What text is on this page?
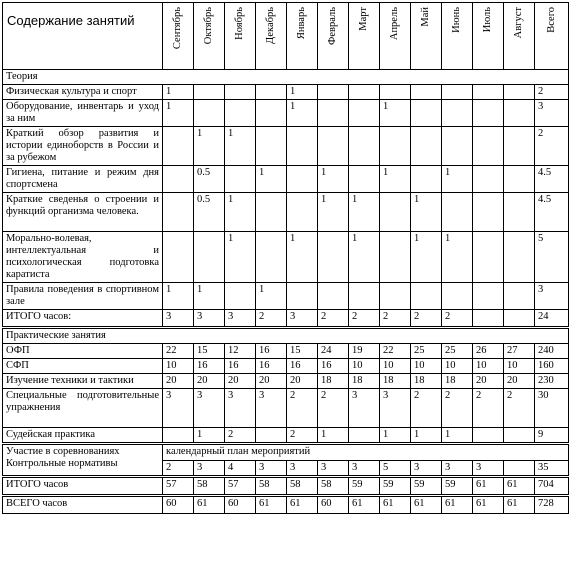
Содержание занятий	Сентябрь	Октябрь	Ноябрь	Декабрь	Январь	Февраль	Март	Апрель	Май	Июнь	Июль	Август	Всего
Теория													
Физическая культура и спорт	1				1								2
Оборудование, инвентарь и уход за ним	1				1			1					3
Краткий обзор развития и истории единоборств в России и за рубежом		1	1										2
Гигиена, питание и режим дня спортсмена		0.5		1		1		1		1			4.5
Краткие сведенья о строении и функций организма человека.		0.5	1			1	1		1				4.5
Морально-волевая, интеллектуальная и психологическая подготовка каратиста			1		1		1		1	1			5
Правила поведения в спортивном зале	1	1		1									3
ИТОГО часов:	3	3	3	2	3	2	2	2	2	2			24
Практические занятия													
ОФП	22	15	12	16	15	24	19	22	25	25	26	27	240
СФП	10	16	16	16	16	16	10	10	10	10	10	10	160
Изучение техники и тактики	20	20	20	20	20	18	18	18	18	18	20	20	230
Специальные подготовительные упражнения	3	3	3	3	2	2	3	3	2	2	2	2	30
Судейская практика		1	2		2	1		1	1	1			9

Участие в соревнованиях
Контрольные нормативы	календарный план мероприятий												
	2	3	4	3	3	3	3	5	3	3	3		35
ИТОГО часов	57	58	57	58	58	58	59	59	59	59	61	61	704
ВСЕГО часов	60	61	60	61	61	60	61	61	61	61	61	61	728
